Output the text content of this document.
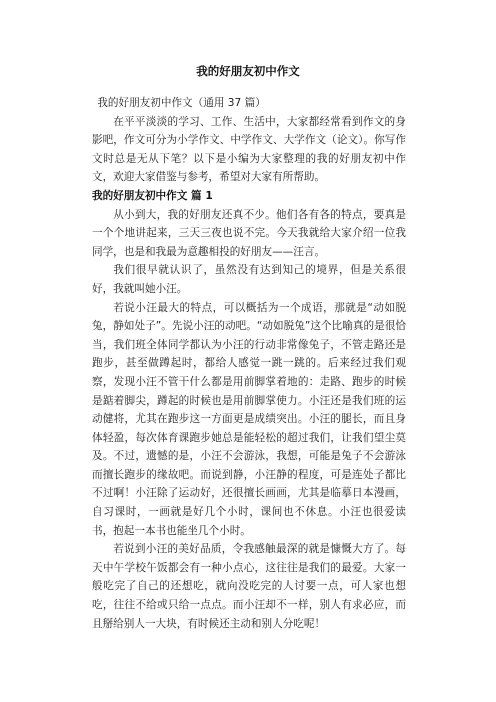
我的好朋友初中作文

我的好朋友初中作文（通用 37 篇）

在平平淡淡的学习、工作、生活中，大家都经常看到作文的身影吧，作文可分为小学作文、中学作文、大学作文（论文）。你写作文时总是无从下笔？以下是小编为大家整理的我的好朋友初中作文，欢迎大家借鉴与参考，希望对大家有所帮助。

我的好朋友初中作文 篇 1

从小到大，我的好朋友还真不少。他们各有各的特点，要真是一个个地讲起来，三天三夜也说不完。今天我就给大家介绍一位我同学，也是和我最为意趣相投的好朋友——汪言。

我们很早就认识了，虽然没有达到知己的境界，但是关系很好，我就叫她小汪。

若说小汪最大的特点，可以概括为一个成语，那就是“动如脱兔，静如处子”。先说小汪的动吧。“动如脱兔”这个比喻真的是很恰当，我们班全体同学都认为小汪的行动非常像兔子，不管走路还是跑步，甚至做蹲起时，都给人感觉一跳一跳的。后来经过我们观察，发现小汪不管干什么都是用前脚掌着地的：走路、跑步的时候是踮着脚尖，蹲起的时候也是用前脚掌使力。小汪还是我们班的运动健将，尤其在跑步这一方面更是成绩突出。小汪的腿长，而且身体轻盈，每次体育课跑步她总是能轻松的超过我们，让我们望尘莫及。不过，遗憾的是，小汪不会游泳，我想，可能是兔子不会游泳而擅长跑步的缘故吧。而说到静，小汪静的程度，可是连处子都比不过啊！小汪除了运动好，还很擅长画画，尤其是临摹日本漫画，自习课时，一画就是好几个小时，课间也不休息。小汪也很爱读书，抱起一本书也能坐几个小时。

若说到小汪的美好品质，令我感触最深的就是慷慨大方了。每天中午学校午饭都会有一种小点心，这往往是我们的最爱。大家一般吃完了自己的还想吃，就向没吃完的人讨要一点，可人家也想吃，往往不给或只给一点点。而小汪却不一样，别人有求必应，而且掰给别人一大块，有时候还主动和别人分吃呢！
